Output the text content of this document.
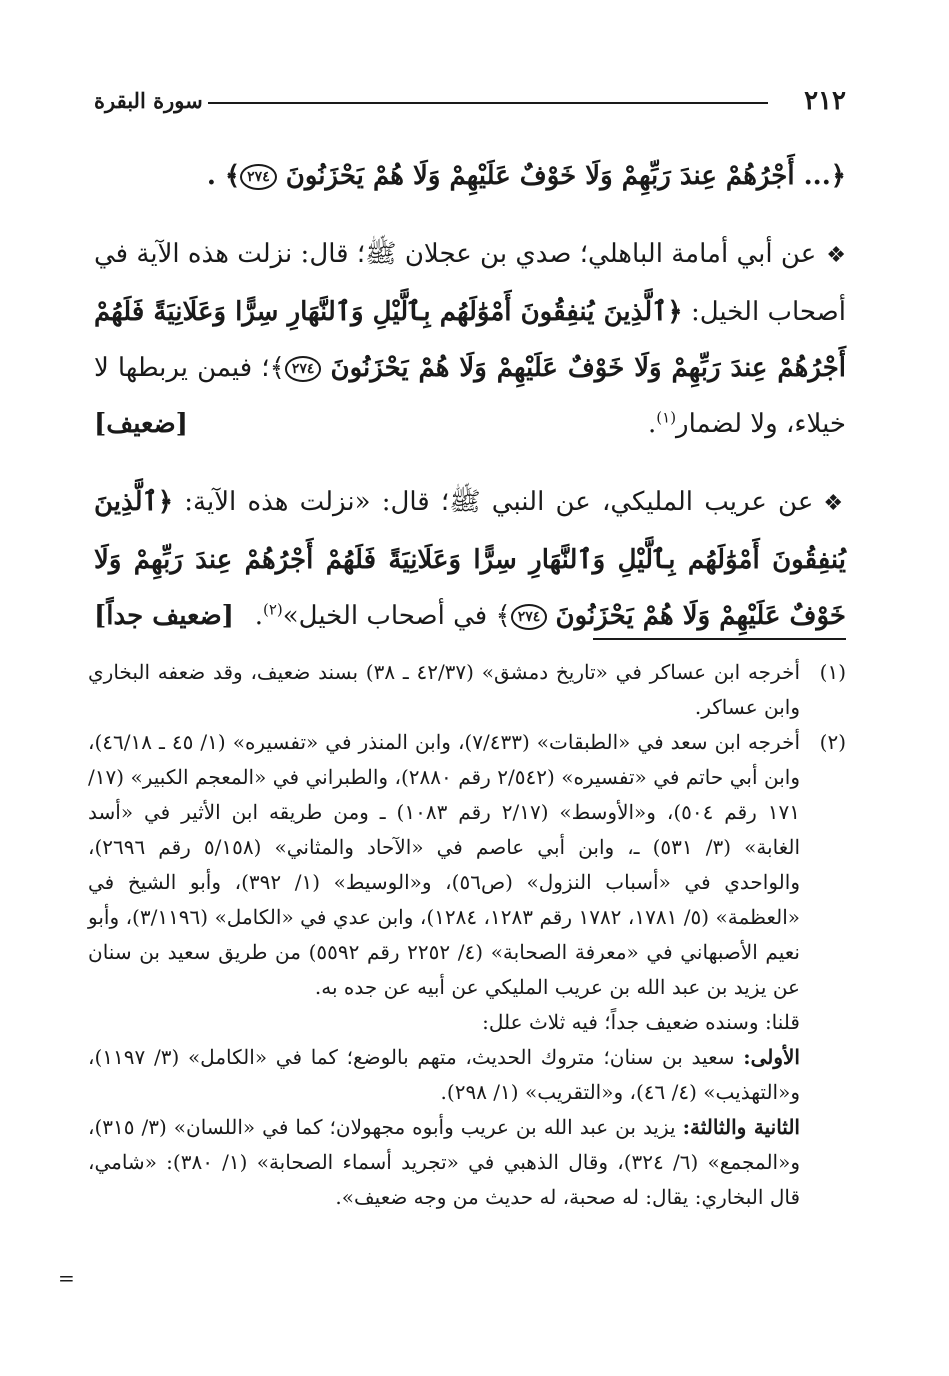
٢١٢
سورة البقرة

﴿... أَجْرُهُمْ عِندَ رَبِّهِمْ وَلَا خَوْفٌ عَلَيْهِمْ وَلَا هُمْ يَحْزَنُونَ ٢٧٤﴾ .

❖عن أبي أمامة الباهلي؛ صدي بن عجلان ﷺ؛ قال: نزلت هذه الآية في أصحاب الخيل: ﴿ٱلَّذِينَ يُنفِقُونَ أَمْوَٰلَهُم بِٱلَّيْلِ وَٱلنَّهَارِ سِرًّا وَعَلَانِيَةً فَلَهُمْ أَجْرُهُمْ عِندَ رَبِّهِمْ وَلَا خَوْفٌ عَلَيْهِمْ وَلَا هُمْ يَحْزَنُونَ ٢٧٤﴾؛ فيمن يربطها لا خيلاء، ولا لضمار$^{(١)}$.
[ضعيف]

❖عن عريب المليكي، عن النبي ﷺ؛ قال: «نزلت هذه الآية: ﴿ٱلَّذِينَ يُنفِقُونَ أَمْوَٰلَهُم بِٱلَّيْلِ وَٱلنَّهَارِ سِرًّا وَعَلَانِيَةً فَلَهُمْ أَجْرُهُمْ عِندَ رَبِّهِمْ وَلَا خَوْفٌ عَلَيْهِمْ وَلَا هُمْ يَحْزَنُونَ ٢٧٤﴾ في أصحاب الخيل»$^{(٢)}$.
[ضعيف جداً]

(١)
أخرجه ابن عساكر في «تاريخ دمشق» (٤٢/٣٧ ـ ٣٨) بسند ضعيف، وقد ضعفه البخاري وابن عساكر.

(٢)
أخرجه ابن سعد في «الطبقات» (٧/٤٣٣)، وابن المنذر في «تفسيره» (١/ ٤٥ ـ ٤٦/١٨)، وابن أبي حاتم في «تفسيره» (٢/٥٤٢ رقم ٢٨٨٠)، والطبراني في «المعجم الكبير» (١٧/ ١٧١ رقم ٥٠٤)، و«الأوسط» (٢/١٧ رقم ١٠٨٣) ـ ومن طريقه ابن الأثير في «أسد الغابة» (٣/ ٥٣١) ـ، وابن أبي عاصم في «الآحاد والمثاني» (٥/١٥٨ رقم ٢٦٩٦)، والواحدي في «أسباب النزول» (ص٥٦)، و«الوسيط» (١/ ٣٩٢)، وأبو الشيخ في «العظمة» (٥/ ١٧٨١، ١٧٨٢ رقم ١٢٨٣، ١٢٨٤)، وابن عدي في «الكامل» (٣/١١٩٦)، وأبو نعيم الأصبهاني في «معرفة الصحابة» (٤/ ٢٢٥٢ رقم ٥٥٩٢) من طريق سعيد بن سنان عن يزيد بن عبد الله بن عريب المليكي عن أبيه عن جده به.

قلنا: وسنده ضعيف جداً؛ فيه ثلاث علل:

الأولى: سعيد بن سنان؛ متروك الحديث، متهم بالوضع؛ كما في «الكامل» (٣/ ١١٩٧)، و«التهذيب» (٤/ ٤٦)، و«التقريب» (١/ ٢٩٨).

الثانية والثالثة: يزيد بن عبد الله بن عريب وأبوه مجهولان؛ كما في «اللسان» (٣/ ٣١٥)، و«المجمع» (٦/ ٣٢٤)، وقال الذهبي في «تجريد أسماء الصحابة» (١/ ٣٨٠): «شامي، قال البخاري: يقال: له صحبة، له حديث من وجه ضعيف».

=
